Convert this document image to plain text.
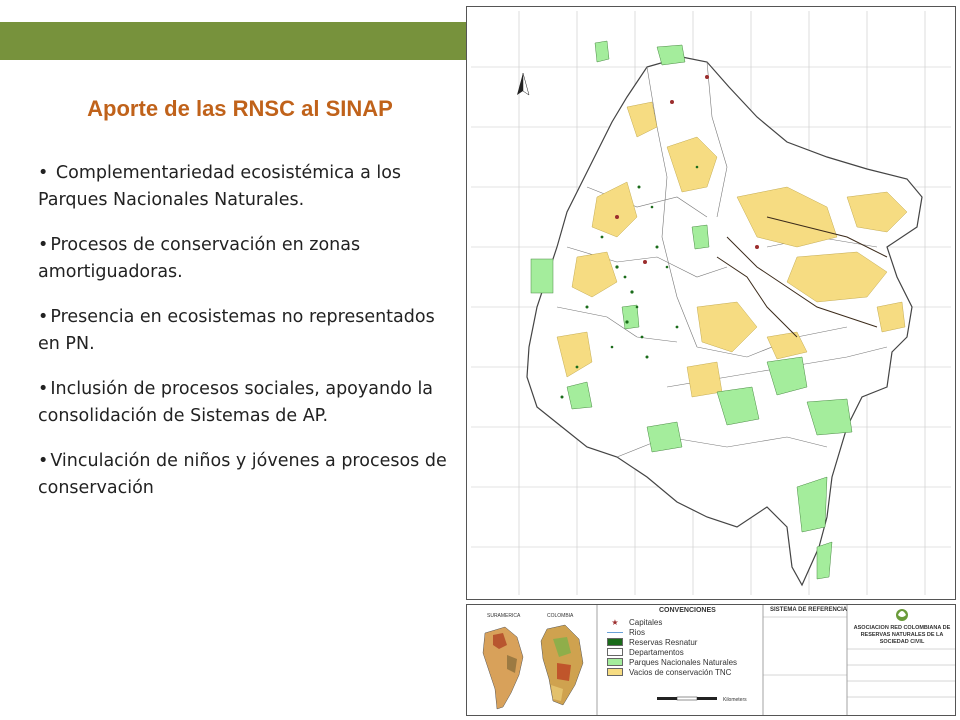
Aporte de las RNSC al SINAP
• Complementariedad ecosistémica a los Parques Nacionales Naturales.
• Procesos de conservación en zonas amortiguadoras.
• Presencia en ecosistemas no representados en PN.
• Inclusión de procesos sociales, apoyando la consolidación de Sistemas de AP.
• Vinculación de niños y jóvenes a procesos de conservación
SURAMERICA	COLOMBIA
CONVENCIONES
★	Capitales
Rios
Reservas Resnatur
Departamentos
Parques Nacionales Naturales
Vacios de conservación TNC
Kilometers
SISTEMA DE REFERENCIA
ASOCIACION RED COLOMBIANA DE RESERVAS NATURALES DE LA SOCIEDAD CIVIL
